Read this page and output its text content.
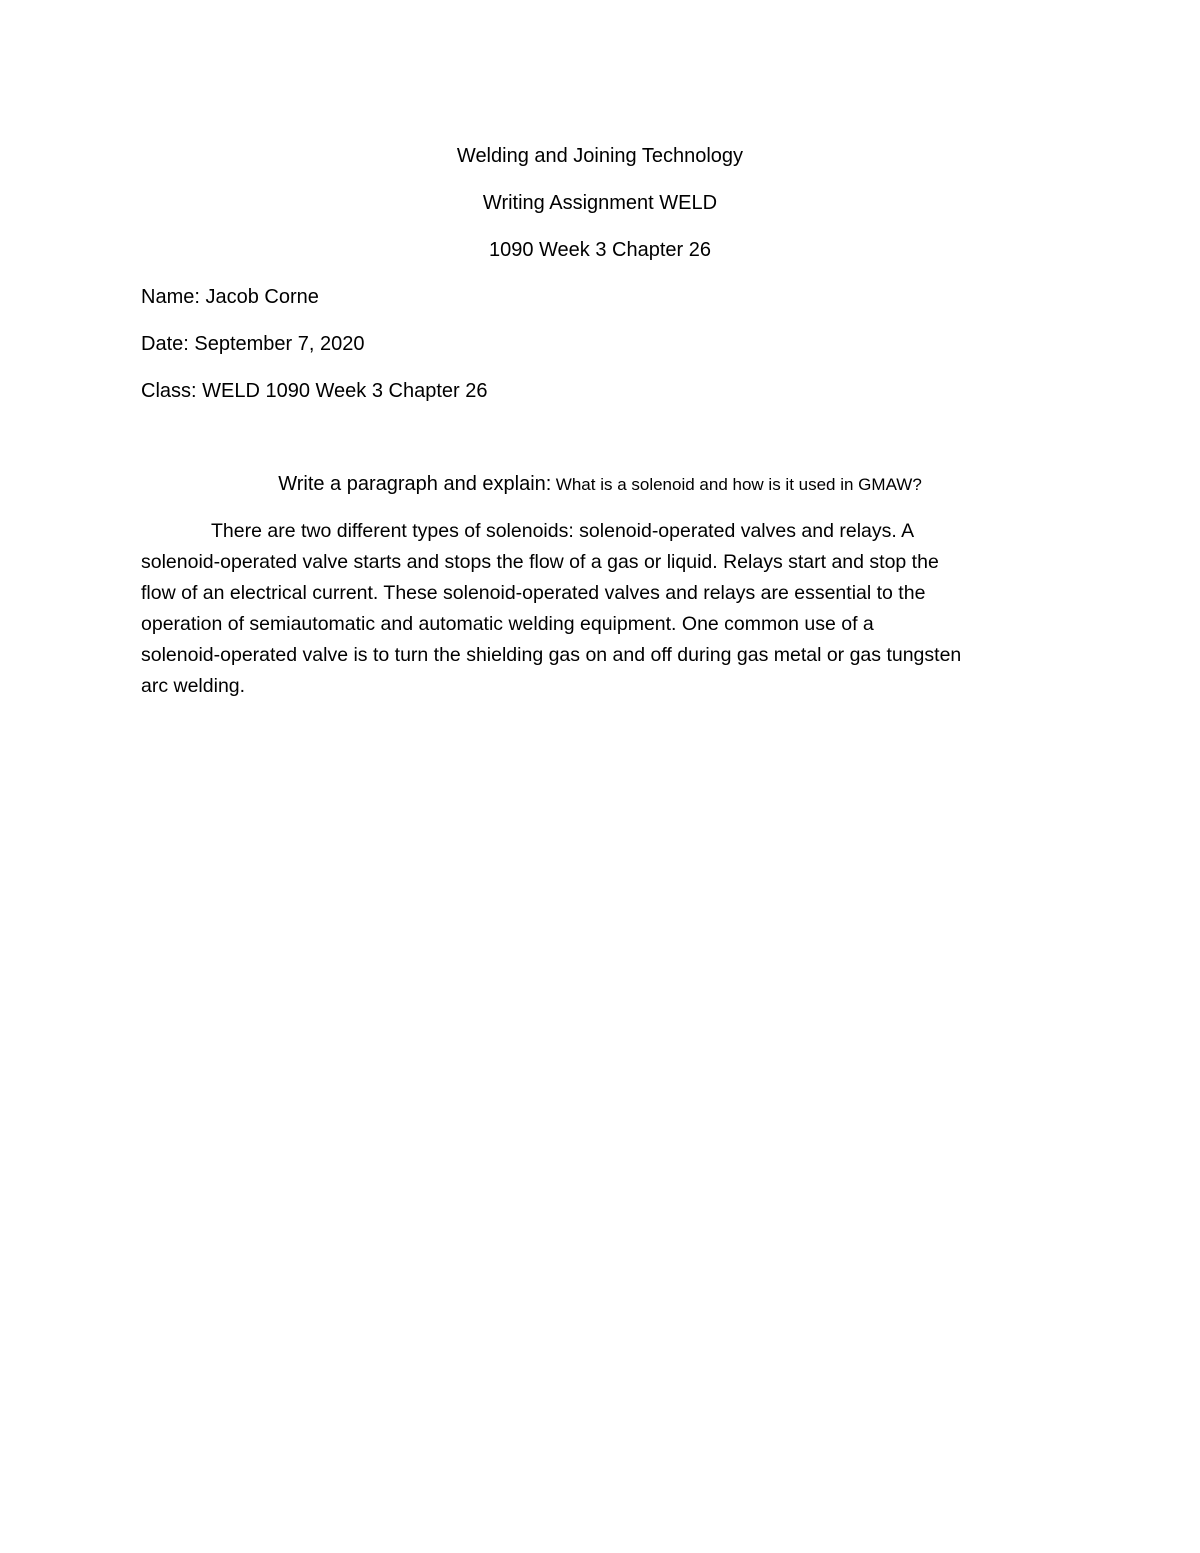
Welding and Joining Technology
Writing Assignment WELD
1090 Week 3 Chapter 26
Name: Jacob Corne
Date: September 7, 2020
Class: WELD 1090 Week 3 Chapter 26
Write a paragraph and explain: What is a solenoid and how is it used in GMAW?
There are two different types of solenoids: solenoid-operated valves and relays. A
solenoid-operated valve starts and stops the flow of a gas or liquid. Relays start and stop the
flow of an electrical current. These solenoid-operated valves and relays are essential to the
operation of semiautomatic and automatic welding equipment. One common use of a
solenoid-operated valve is to turn the shielding gas on and off during gas metal or gas tungsten
arc welding.
